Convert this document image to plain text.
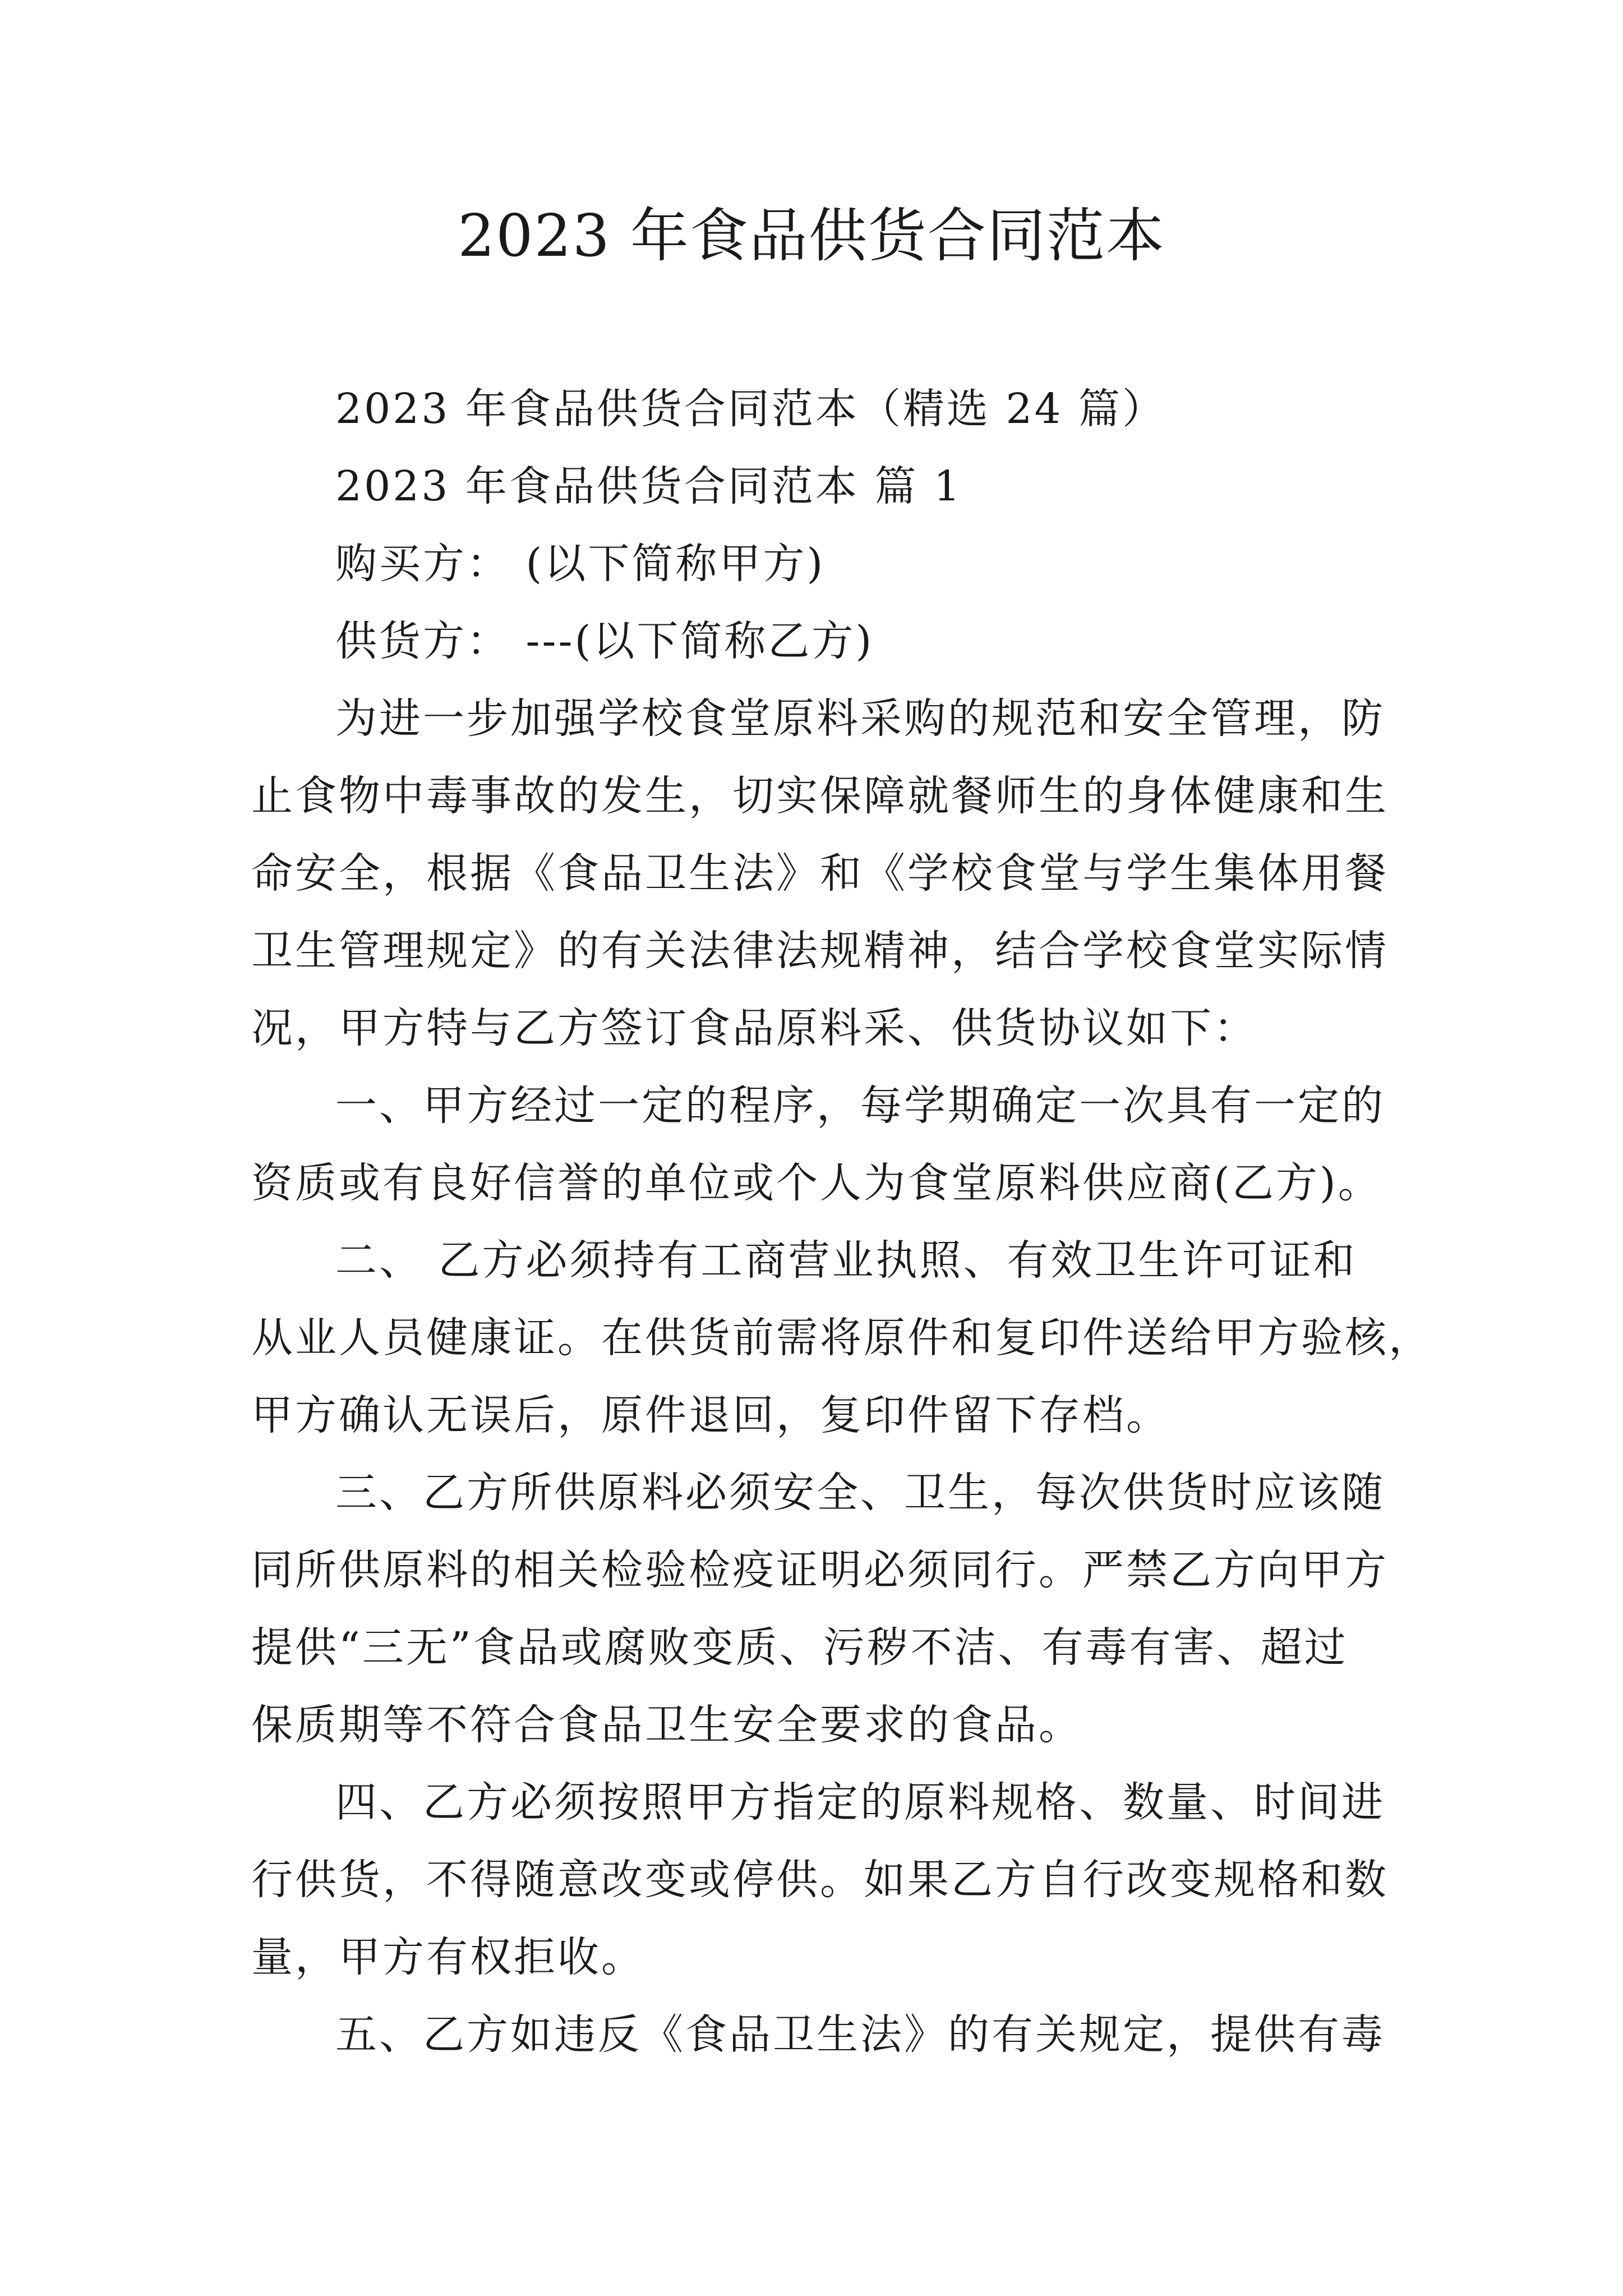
2023 年食品供货合同范本
2023 年食品供货合同范本（精选 24 篇）
2023 年食品供货合同范本 篇 1
购买方： (以下简称甲方)
供货方： ---(以下简称乙方)
为进一步加强学校食堂原料采购的规范和安全管理，防
止食物中毒事故的发生，切实保障就餐师生的身体健康和生
命安全，根据《食品卫生法》和《学校食堂与学生集体用餐
卫生管理规定》的有关法律法规精神，结合学校食堂实际情
况，甲方特与乙方签订食品原料采、供货协议如下：
一、甲方经过一定的程序，每学期确定一次具有一定的
资质或有良好信誉的单位或个人为食堂原料供应商(乙方)。
二、 乙方必须持有工商营业执照、有效卫生许可证和
从业人员健康证。在供货前需将原件和复印件送给甲方验核，
甲方确认无误后，原件退回，复印件留下存档。
三、乙方所供原料必须安全、卫生，每次供货时应该随
同所供原料的相关检验检疫证明必须同行。严禁乙方向甲方
提供“三无”食品或腐败变质、污秽不洁、有毒有害、超过
保质期等不符合食品卫生安全要求的食品。
四、乙方必须按照甲方指定的原料规格、数量、时间进
行供货，不得随意改变或停供。如果乙方自行改变规格和数
量，甲方有权拒收。
五、乙方如违反《食品卫生法》的有关规定，提供有毒
